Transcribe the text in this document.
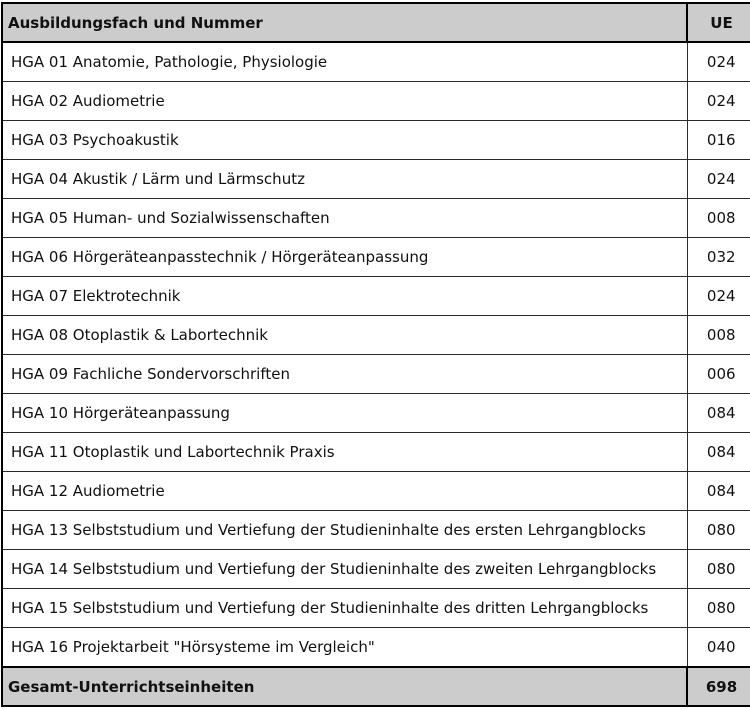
Ausbildungsfach und Nummer	UE
HGA 01 Anatomie, Pathologie, Physiologie	024
HGA 02 Audiometrie	024
HGA 03 Psychoakustik	016
HGA 04 Akustik / Lärm und Lärmschutz	024
HGA 05 Human- und Sozialwissenschaften	008
HGA 06 Hörgeräteanpasstechnik / Hörgeräteanpassung	032
HGA 07 Elektrotechnik	024
HGA 08 Otoplastik & Labortechnik	008
HGA 09 Fachliche Sondervorschriften	006
HGA 10 Hörgeräteanpassung	084
HGA 11 Otoplastik und Labortechnik Praxis	084
HGA 12 Audiometrie	084
HGA 13 Selbststudium und Vertiefung der Studieninhalte des ersten Lehrgangblocks	080
HGA 14 Selbststudium und Vertiefung der Studieninhalte des zweiten Lehrgangblocks	080
HGA 15 Selbststudium und Vertiefung der Studieninhalte des dritten Lehrgangblocks	080
HGA 16 Projektarbeit "Hörsysteme im Vergleich"	040
Gesamt-Unterrichtseinheiten	698
